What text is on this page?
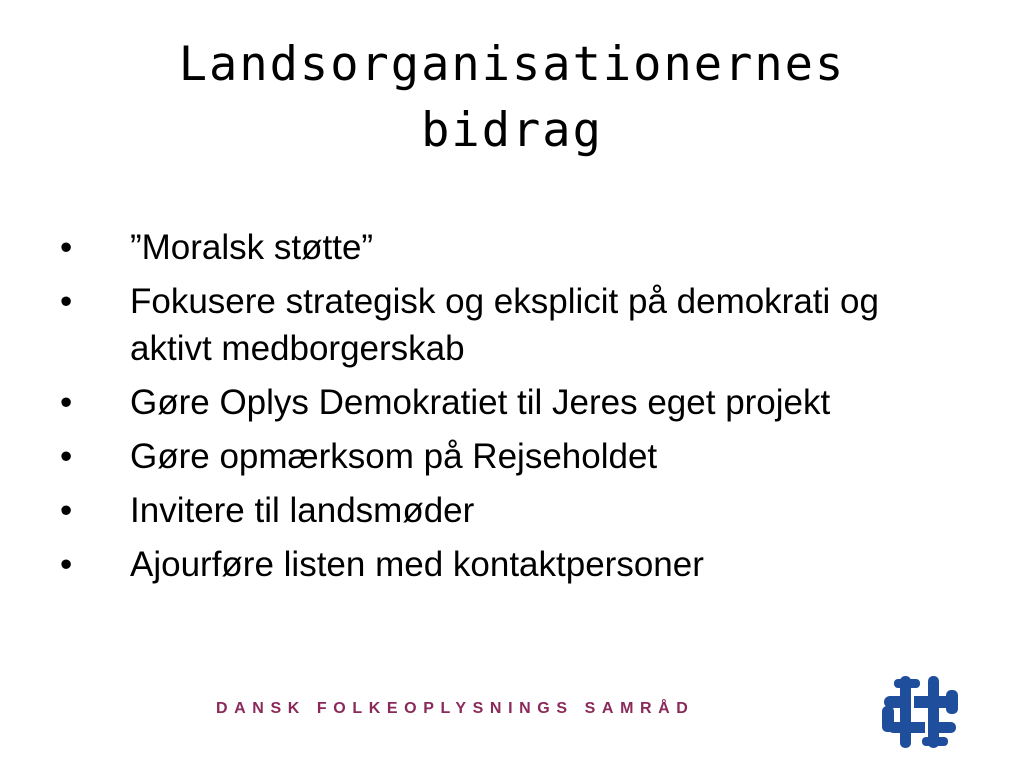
Landsorganisationernes
bidrag
• ”Moralsk støtte”
• Fokusere strategisk og eksplicit på demokrati og aktivt medborgerskab
• Gøre Oplys Demokratiet til Jeres eget projekt
• Gøre opmærksom på Rejseholdet
• Invitere til landsmøder
• Ajourføre listen med kontaktpersoner
DANSK FOLKEOPLYSNINGS SAMRÅD
